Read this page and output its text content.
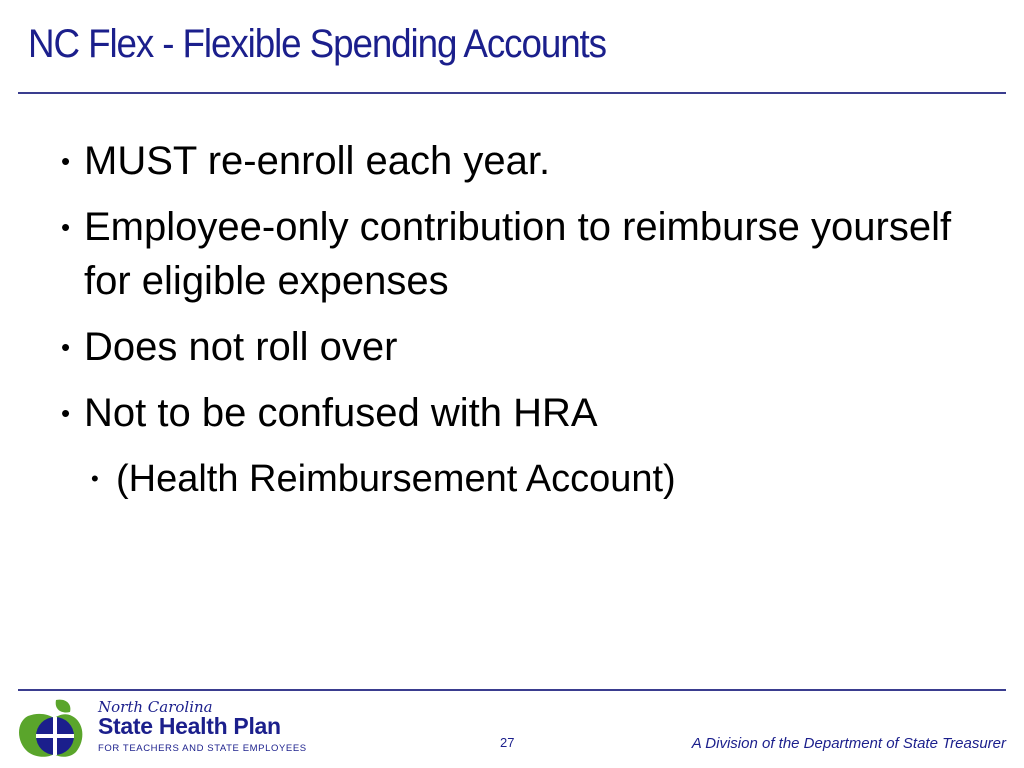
NC Flex - Flexible Spending Accounts
• MUST re-enroll each year.
• Employee-only contribution to reimburse yourself for eligible expenses
• Does not roll over
• Not to be confused with HRA
• (Health Reimbursement Account)
North Carolina
State Health Plan
FOR TEACHERS AND STATE EMPLOYEES	27	A Division of the Department of State Treasurer
